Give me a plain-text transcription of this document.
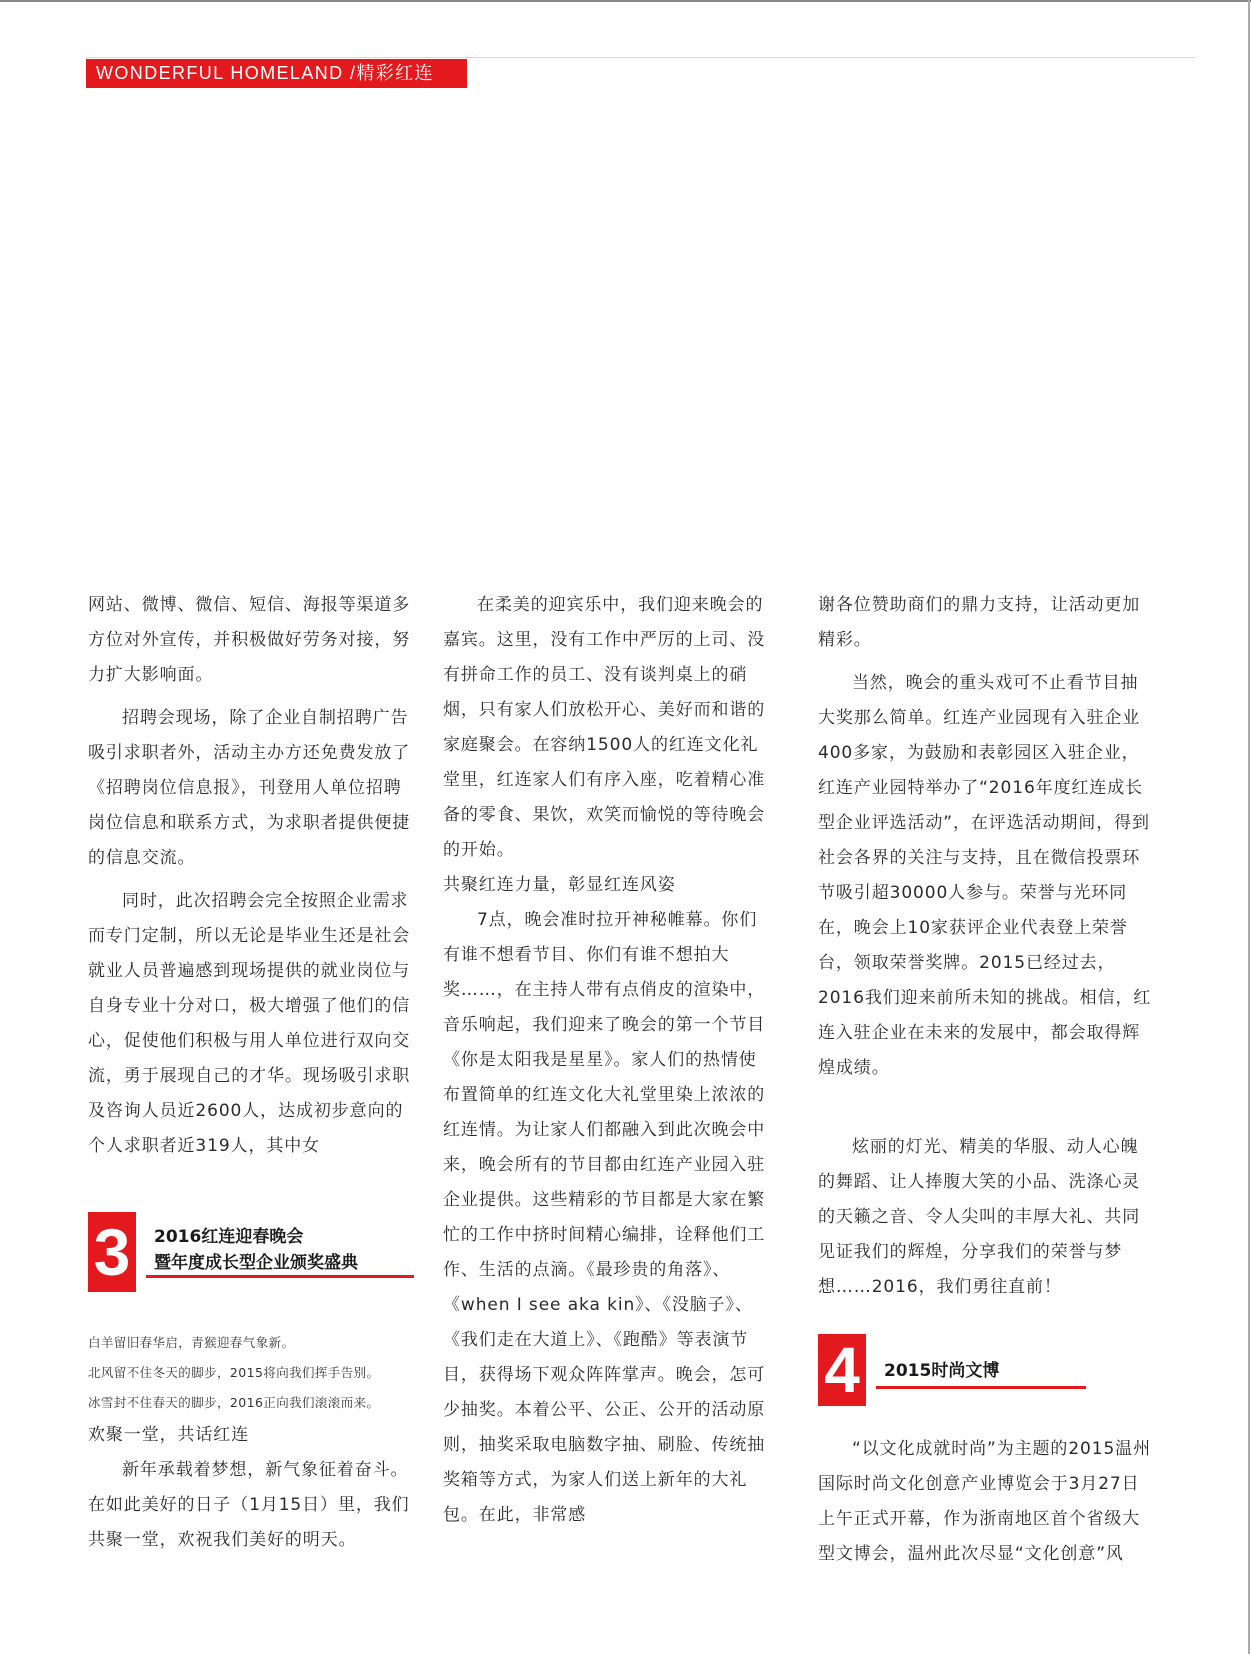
WONDERFUL HOMELAND /精彩红连

网站、微博、微信、短信、海报等渠道多方位对外宣传，并积极做好劳务对接，努力扩大影响面。

招聘会现场，除了企业自制招聘广告吸引求职者外，活动主办方还免费发放了《招聘岗位信息报》，刊登用人单位招聘岗位信息和联系方式，为求职者提供便捷的信息交流。

同时，此次招聘会完全按照企业需求而专门定制，所以无论是毕业生还是社会就业人员普遍感到现场提供的就业岗位与自身专业十分对口，极大增强了他们的信心，促使他们积极与用人单位进行双向交流，勇于展现自己的才华。现场吸引求职及咨询人员近2600人，达成初步意向的个人求职者近319人，其中女

3	2016红连迎春晚会
暨年度成长型企业颁奖盛典

白羊留旧春华启，青猴迎春气象新。

北风留不住冬天的脚步，2015将向我们挥手告别。

冰雪封不住春天的脚步，2016正向我们滚滚而来。

欢聚一堂，共话红连

新年承载着梦想，新气象征着奋斗。在如此美好的日子（1月15日）里，我们共聚一堂，欢祝我们美好的明天。

在柔美的迎宾乐中，我们迎来晚会的嘉宾。这里，没有工作中严厉的上司、没有拼命工作的员工、没有谈判桌上的硝烟，只有家人们放松开心、美好而和谐的家庭聚会。在容纳1500人的红连文化礼堂里，红连家人们有序入座，吃着精心准备的零食、果饮，欢笑而愉悦的等待晚会的开始。

共聚红连力量，彰显红连风姿

7点，晚会准时拉开神秘帷幕。你们有谁不想看节目、你们有谁不想拍大奖……，在主持人带有点俏皮的渲染中，音乐响起，我们迎来了晚会的第一个节目《你是太阳我是星星》。家人们的热情使布置简单的红连文化大礼堂里染上浓浓的红连情。为让家人们都融入到此次晚会中来，晚会所有的节目都由红连产业园入驻企业提供。这些精彩的节目都是大家在繁忙的工作中挤时间精心编排，诠释他们工作、生活的点滴。《最珍贵的角落》、《when I see aka kin》、《没脑子》、《我们走在大道上》、《跑酷》等表演节目，获得场下观众阵阵掌声。晚会，怎可少抽奖。本着公平、公正、公开的活动原则，抽奖采取电脑数字抽、刷脸、传统抽奖箱等方式，为家人们送上新年的大礼包。在此，非常感

谢各位赞助商们的鼎力支持，让活动更加精彩。

当然，晚会的重头戏可不止看节目抽大奖那么简单。红连产业园现有入驻企业400多家，为鼓励和表彰园区入驻企业，红连产业园特举办了“2016年度红连成长型企业评选活动”，在评选活动期间，得到社会各界的关注与支持，且在微信投票环节吸引超30000人参与。荣誉与光环同在，晚会上10家获评企业代表登上荣誉台，领取荣誉奖牌。2015已经过去，2016我们迎来前所未知的挑战。相信，红连入驻企业在未来的发展中，都会取得辉煌成绩。

炫丽的灯光、精美的华服、动人心魄的舞蹈、让人捧腹大笑的小品、洗涤心灵的天籁之音、令人尖叫的丰厚大礼、共同见证我们的辉煌，分享我们的荣誉与梦想……2016，我们勇往直前！

4	2015时尚文博

“以文化成就时尚”为主题的2015温州国际时尚文化创意产业博览会于3月27日上午正式开幕，作为浙南地区首个省级大型文博会，温州此次尽显“文化创意”风
